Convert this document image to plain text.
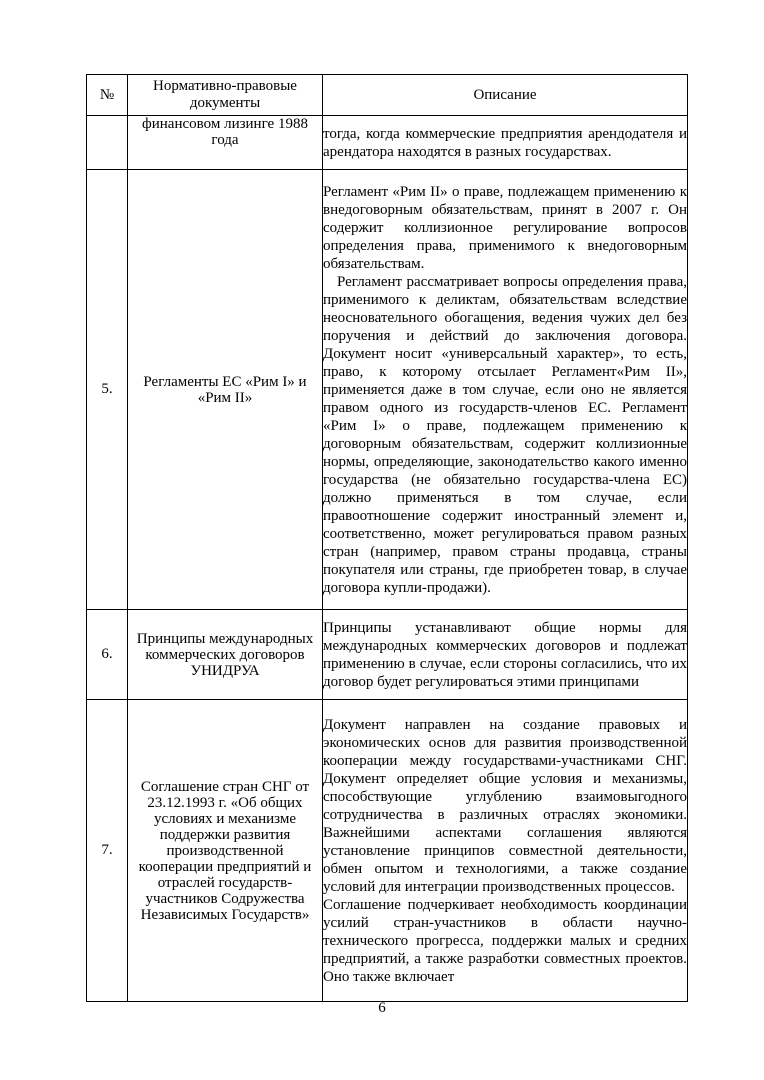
№	Нормативно-правовые документы	Описание
	финансовом лизинге 1988 года	тогда, когда коммерческие предприятия арендодателя и арендатора находятся в разных государствах.

5.	Регламенты ЕС «Рим I» и «Рим II»	Регламент «Рим II» о праве, подлежащем применению к внедоговорным обязательствам, принят в 2007 г. Он содержит коллизионное регулирование вопросов определения права, применимого к внедоговорным обязательствам.

Регламент рассматривает вопросы определения права, применимого к деликтам, обязательствам вследствие неосновательного обогащения, ведения чужих дел без поручения и действий до заключения договора. Документ носит «универсальный характер», то есть, право, к которому отсылает Регламент«Рим II», применяется даже в том случае, если оно не является правом одного из государств-членов ЕС. Регламент «Рим I» о праве, подлежащем применению к договорным обязательствам, содержит коллизионные нормы, определяющие, законодательство какого именно государства (не обязательно государства-члена ЕС) должно применяться в том случае, если правоотношение содержит иностранный элемент и, соответственно, может регулироваться правом разных стран (например, правом страны продавца, страны покупателя или страны, где приобретен товар, в случае договора купли-продажи).

6.	Принципы международных коммерческих договоров УНИДРУА	Принципы устанавливают общие нормы для международных коммерческих договоров и подлежат применению в случае, если стороны согласились, что их договор будет регулироваться этими принципами

7.	Соглашение стран СНГ от 23.12.1993 г. «Об общих условиях и механизме поддержки развития производственной кооперации предприятий и отраслей государств-участников Содружества Независимых Государств»	Документ направлен на создание правовых и экономических основ для развития производственной кооперации между государствами-участниками СНГ. Документ определяет общие условия и механизмы, способствующие углублению взаимовыгодного сотрудничества в различных отраслях экономики. Важнейшими аспектами соглашения являются установление принципов совместной деятельности, обмен опытом и технологиями, а также создание условий для интеграции производственных процессов.

Соглашение подчеркивает необходимость координации усилий стран-участников в области научно-технического прогресса, поддержки малых и средних предприятий, а также разработки совместных проектов. Оно также включает

6
